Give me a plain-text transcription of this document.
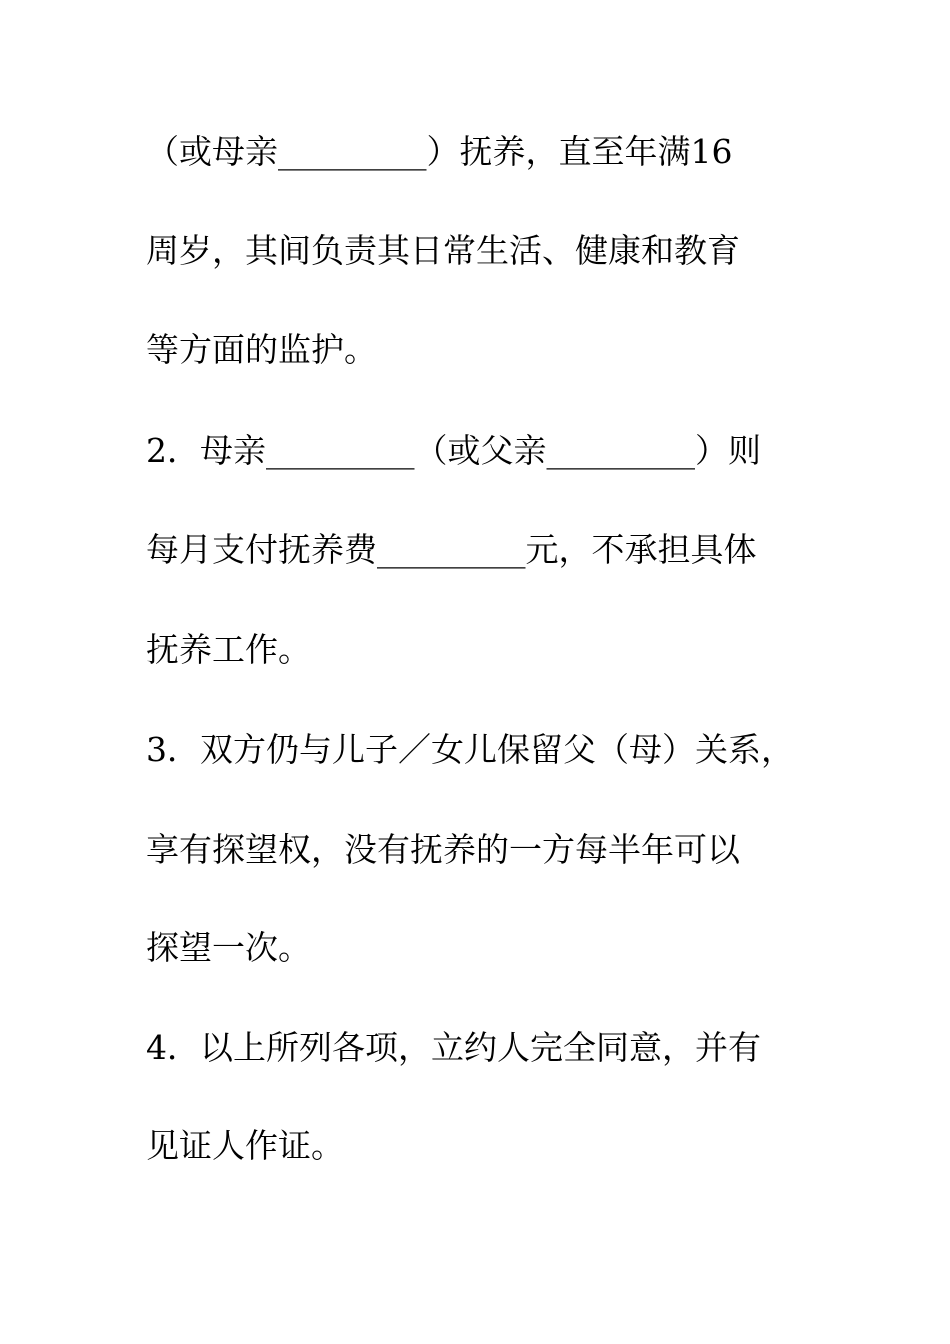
（或母亲_________）抚养，直至年满16
周岁，其间负责其日常生活、健康和教育
等方面的监护。
2．母亲_________（或父亲_________）则
每月支付抚养费_________元，不承担具体
抚养工作。
3．双方仍与儿子／女儿保留父（母）关系，
享有探望权，没有抚养的一方每半年可以
探望一次。
4．以上所列各项，立约人完全同意，并有
见证人作证。
